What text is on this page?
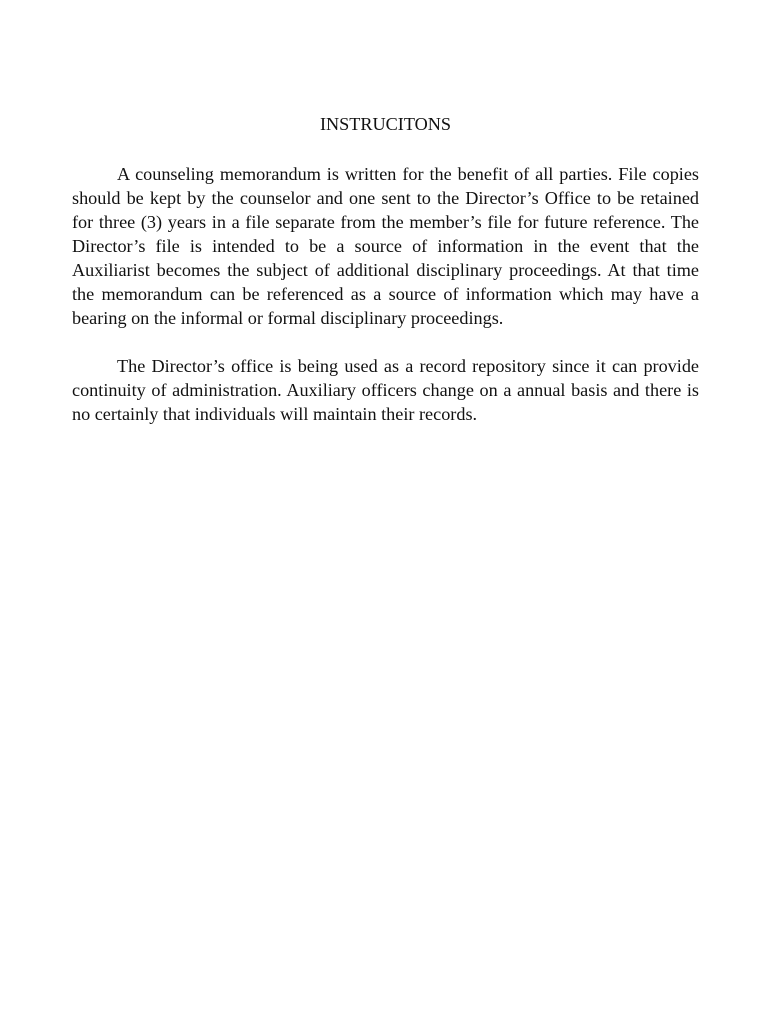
INSTRUCITONS

A counseling memorandum is written for the benefit of all parties. File copies should be kept by the counselor and one sent to the Director’s Office to be retained for three (3) years in a file separate from the member’s file for future reference. The Director’s file is intended to be a source of information in the event that the Auxiliarist becomes the subject of additional disciplinary proceedings. At that time the memorandum can be referenced as a source of information which may have a bearing on the informal or formal disciplinary proceedings.

The Director’s office is being used as a record repository since it can provide continuity of administration. Auxiliary officers change on a annual basis and there is no certainly that individuals will maintain their records.
